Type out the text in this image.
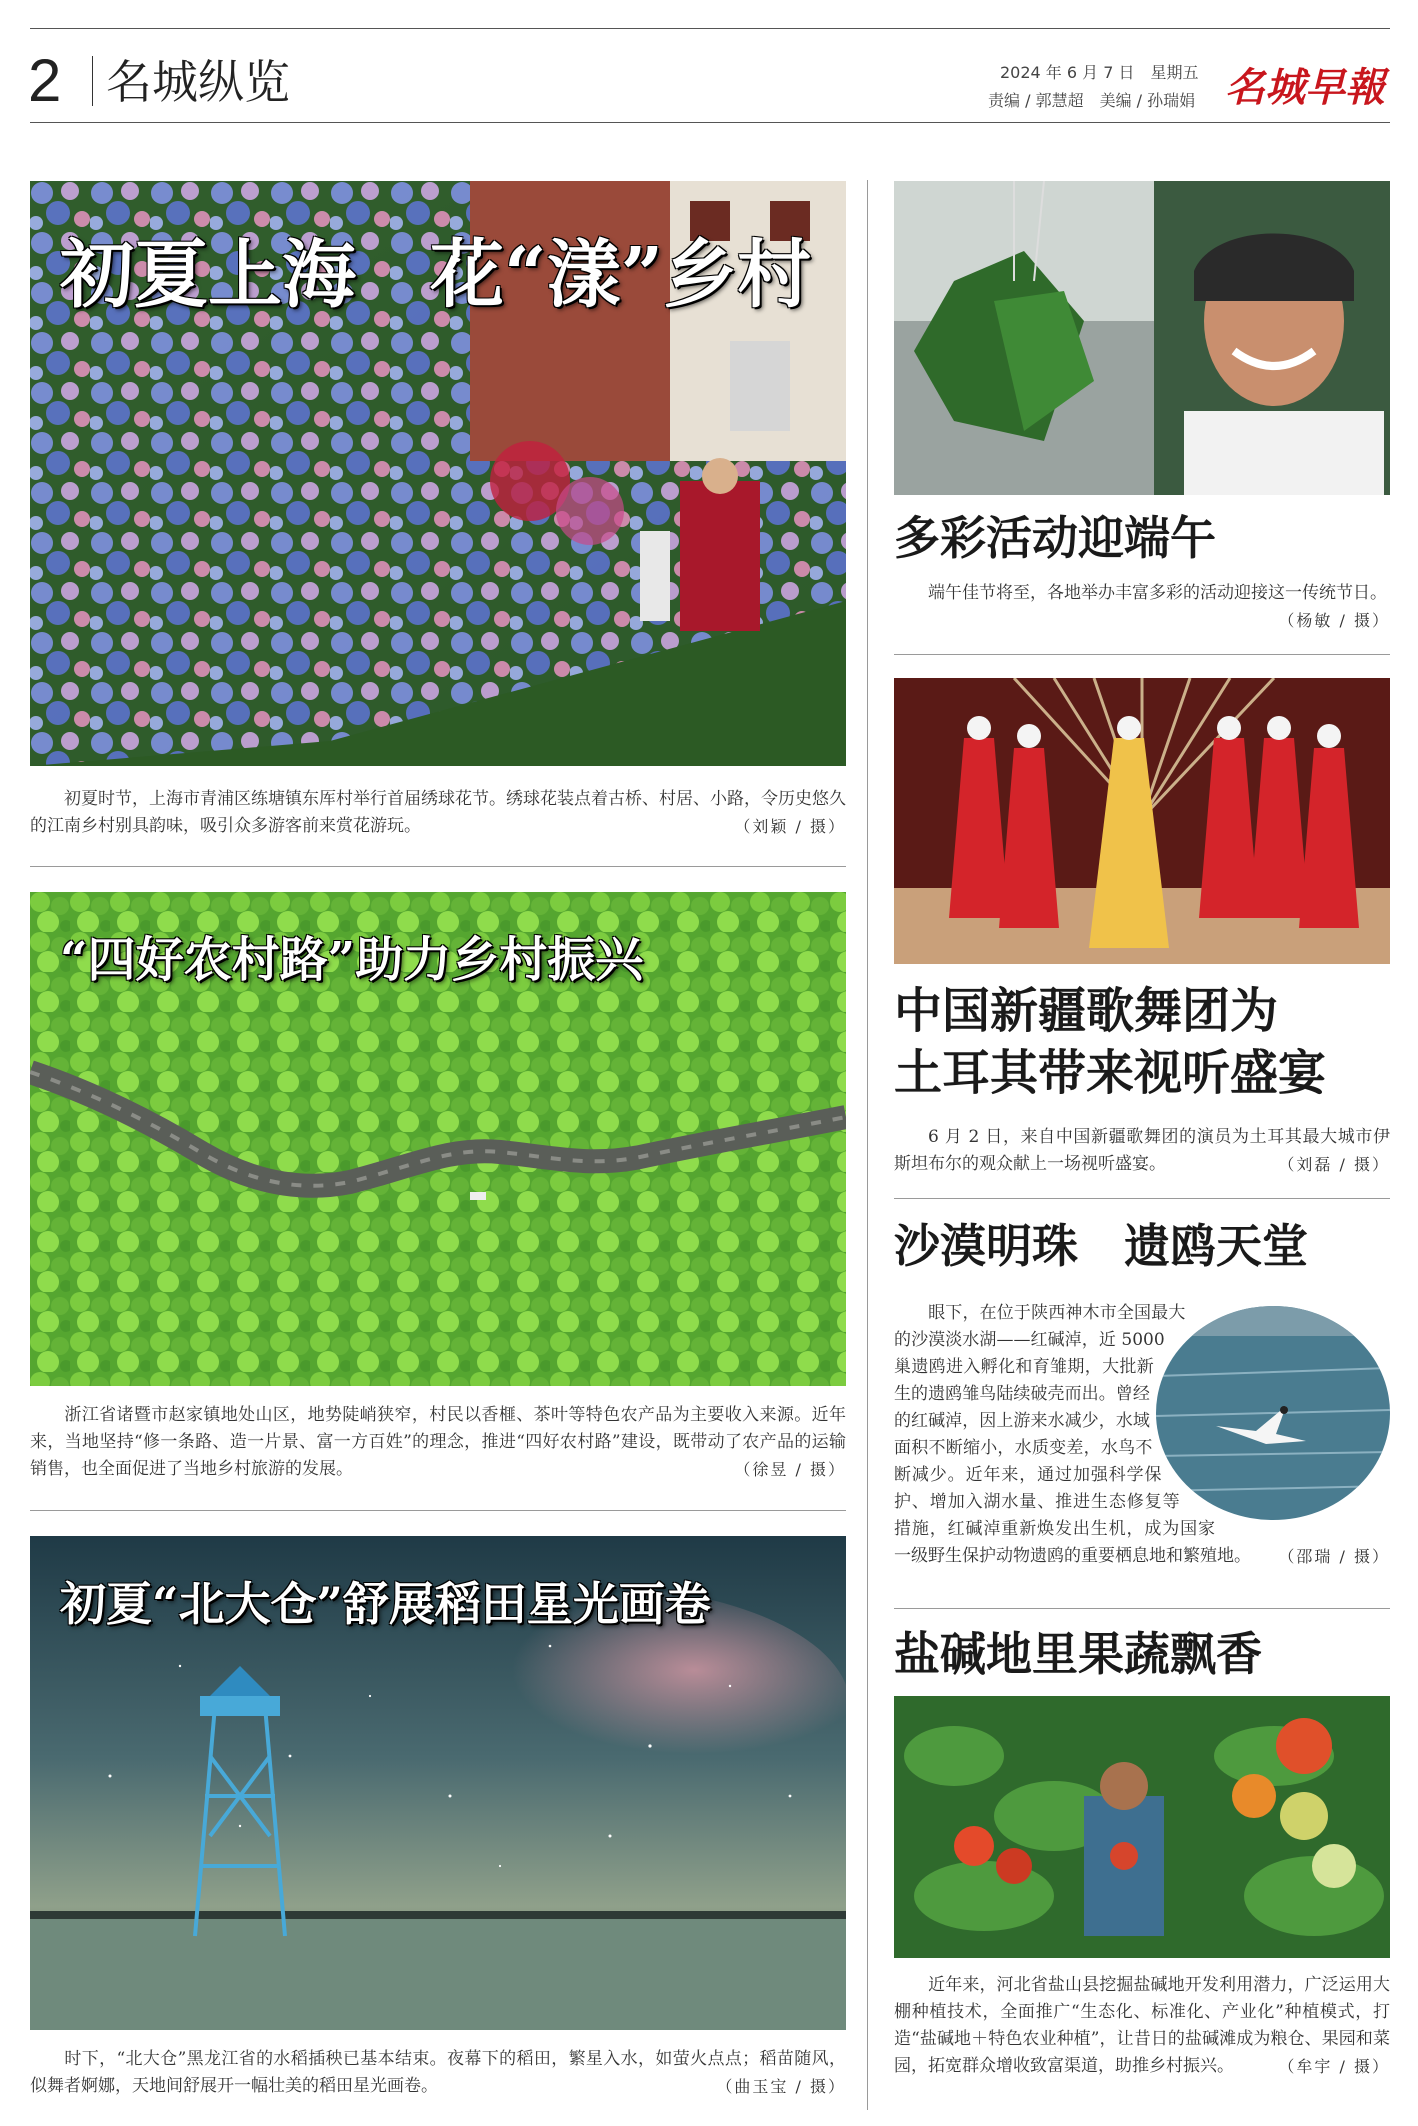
2 名城纵览	2024 年 6 月 7 日　星期五
责编 / 郭慧超　美编 / 孙瑞娟 名城早報
初夏上海　花“漾”乡村
初夏时节，上海市青浦区练塘镇东厍村举行首届绣球花节。绣球花装点着古桥、村居、小路，令历史悠久的江南乡村别具韵味，吸引众多游客前来赏花游玩。	（刘颖 / 摄）
“四好农村路”助力乡村振兴
浙江省诸暨市赵家镇地处山区，地势陡峭狭窄，村民以香榧、茶叶等特色农产品为主要收入来源。近年来，当地坚持“修一条路、造一片景、富一方百姓”的理念，推进“四好农村路”建设，既带动了农产品的运输销售，也全面促进了当地乡村旅游的发展。	（徐昱 / 摄）
初夏“北大仓”舒展稻田星光画卷
时下，“北大仓”黑龙江省的水稻插秧已基本结束。夜幕下的稻田，繁星入水，如萤火点点；稻苗随风，似舞者婀娜，天地间舒展开一幅壮美的稻田星光画卷。	（曲玉宝 / 摄）
多彩活动迎端午
端午佳节将至，各地举办丰富多彩的活动迎接这一传统节日。
（杨敏 / 摄）
中国新疆歌舞团为
土耳其带来视听盛宴
6 月 2 日，来自中国新疆歌舞团的演员为土耳其最大城市伊斯坦布尔的观众献上一场视听盛宴。	（刘磊 / 摄）
沙漠明珠　遗鸥天堂
眼下，在位于陕西神木市全国最大的沙漠淡水湖——红碱淖，近 5000 巢遗鸥进入孵化和育雏期，大批新生的遗鸥雏鸟陆续破壳而出。曾经的红碱淖，因上游来水减少，水域面积不断缩小，水质变差，水鸟不断减少。近年来，通过加强科学保护、增加入湖水量、推进生态修复等措施，红碱淖重新焕发出生机，成为国家一级野生保护动物遗鸥的重要栖息地和繁殖地。 （邵瑞 / 摄）
盐碱地里果蔬飘香
近年来，河北省盐山县挖掘盐碱地开发利用潜力，广泛运用大棚种植技术，全面推广“生态化、标准化、产业化”种植模式，打造“盐碱地＋特色农业种植”，让昔日的盐碱滩成为粮仓、果园和菜园，拓宽群众增收致富渠道，助推乡村振兴。	（牟宇 / 摄）
